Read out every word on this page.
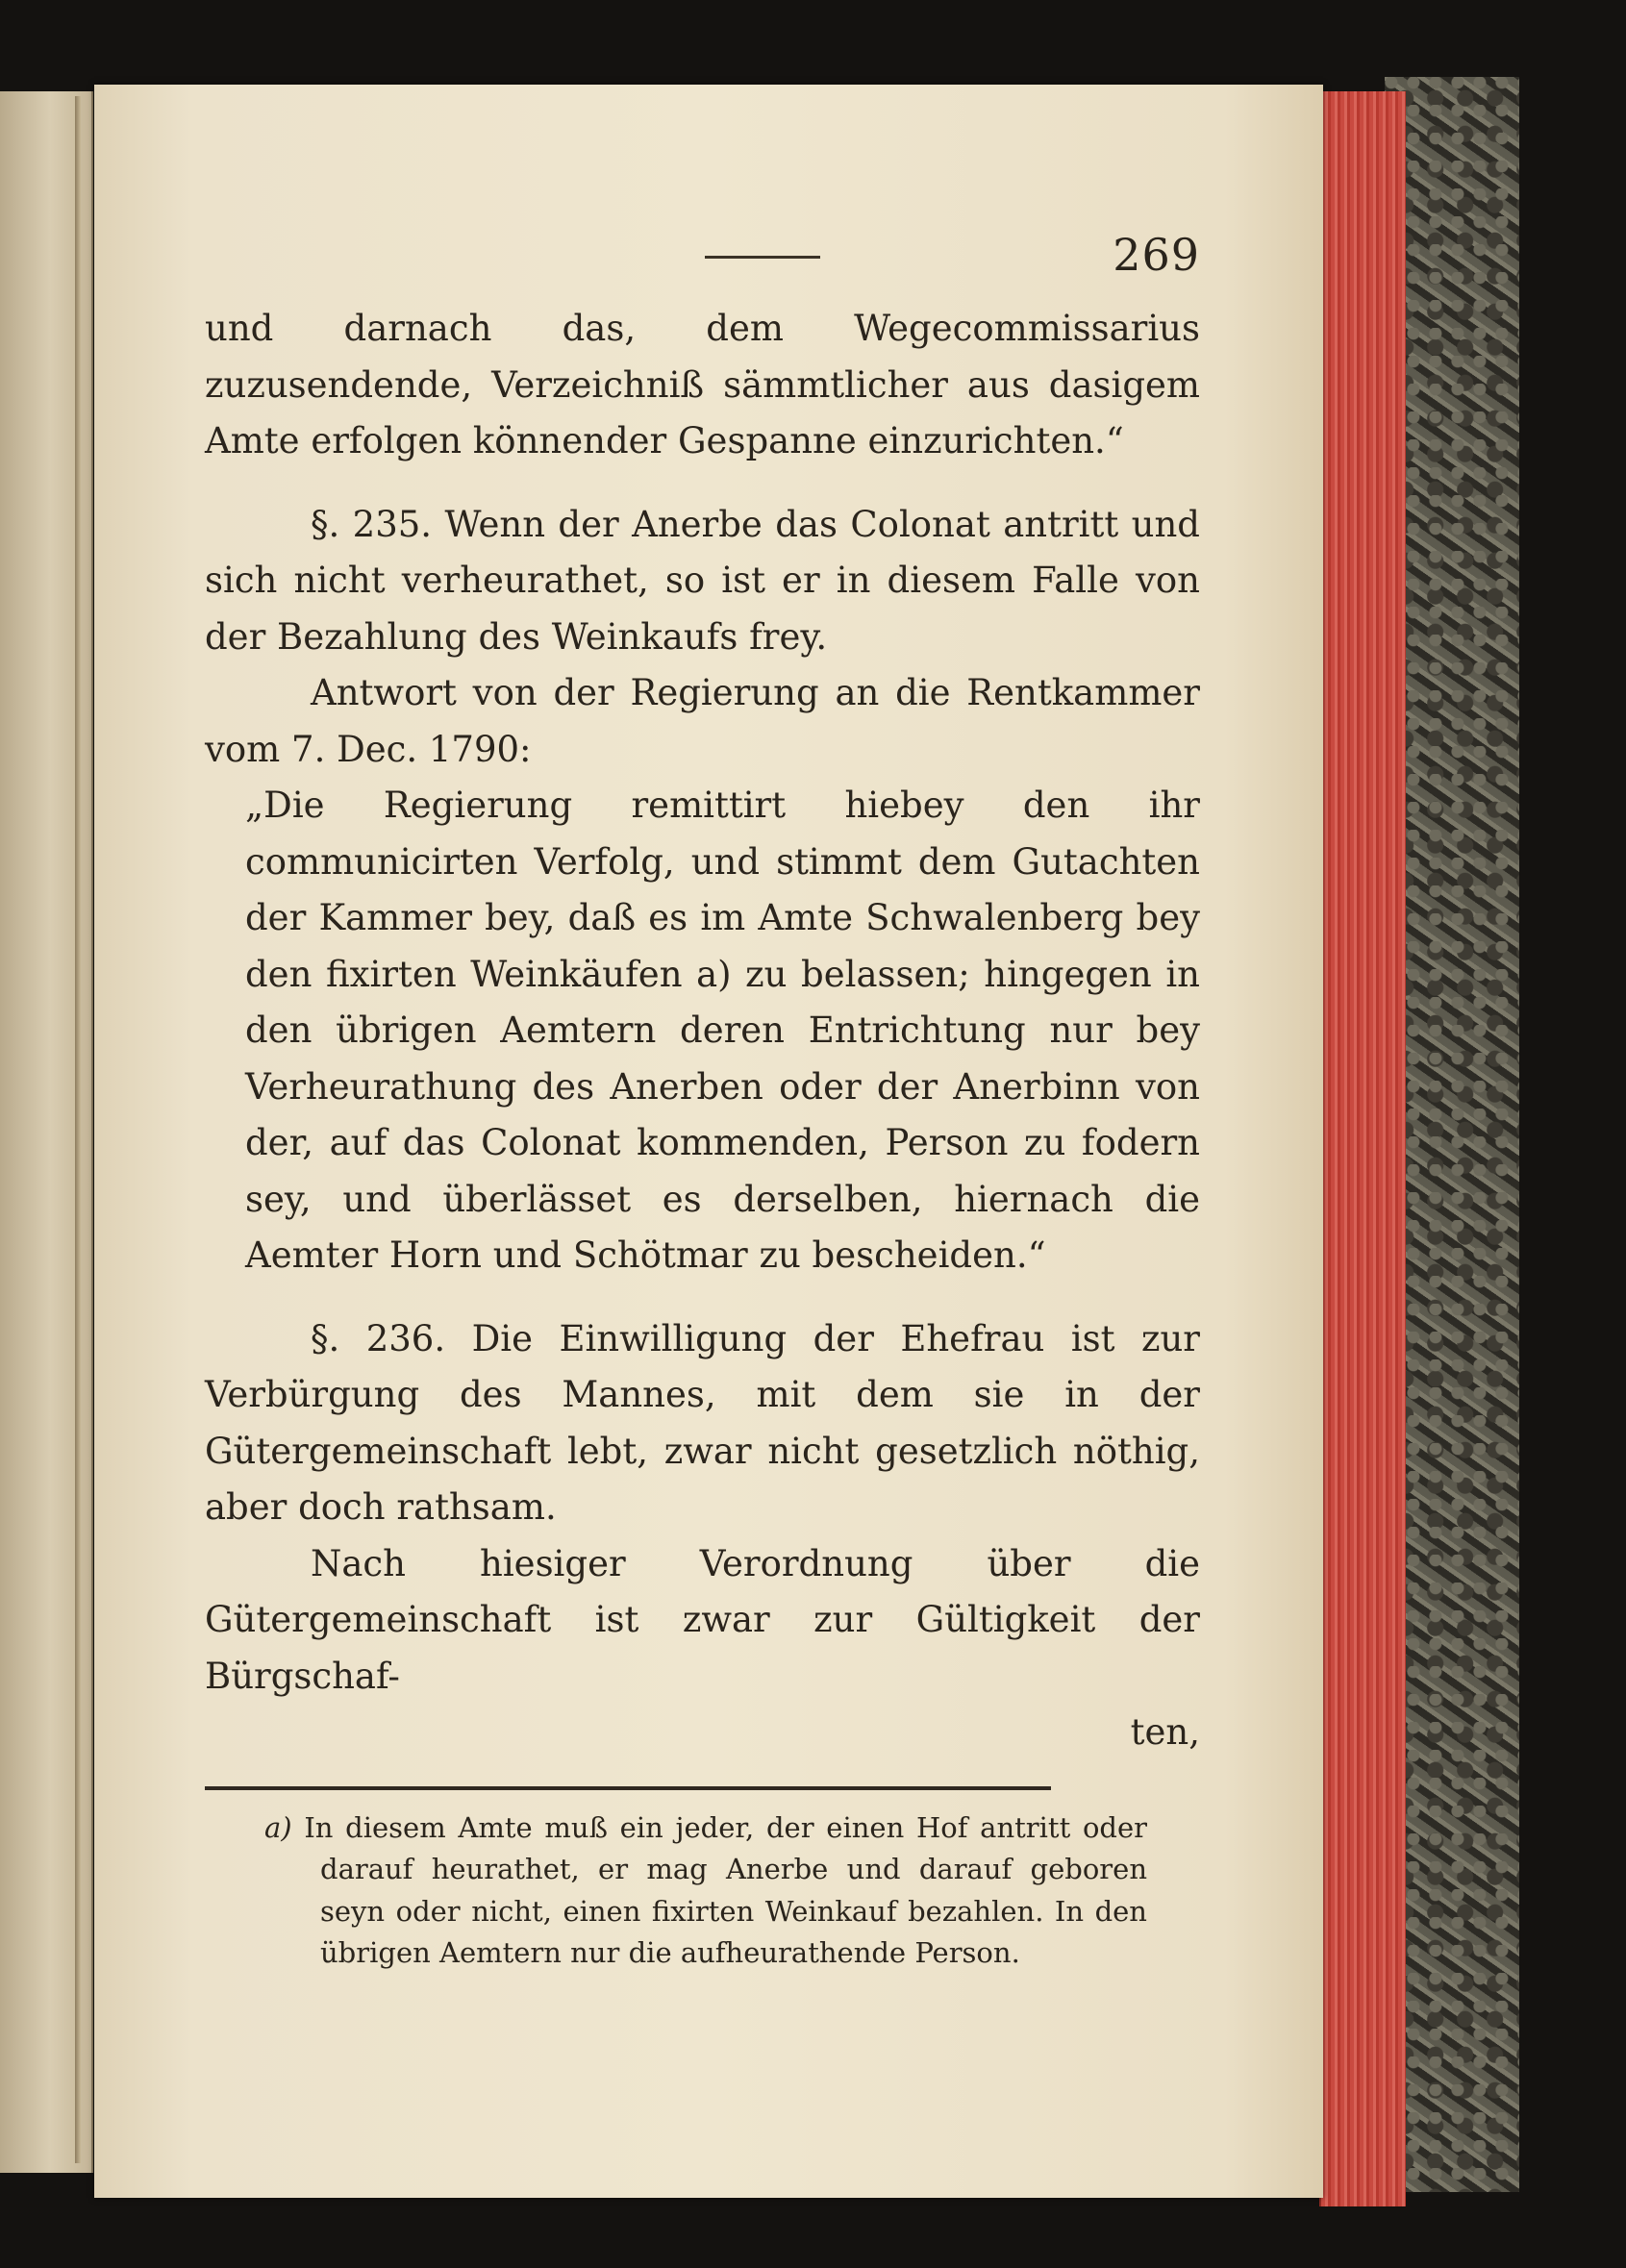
269

und darnach das, dem Wegecommissarius zuzusendende, Verzeichniß sämmtlicher aus dasigem Amte erfolgen könnender Gespanne einzurichten.“

§. 235. Wenn der Anerbe das Colonat antritt und sich nicht verheurathet, so ist er in diesem Falle von der Bezahlung des Weinkaufs frey.

Antwort von der Regierung an die Rentkammer vom 7. Dec. 1790:

„Die Regierung remittirt hiebey den ihr communicirten Verfolg, und stimmt dem Gutachten der Kammer bey, daß es im Amte Schwalenberg bey den fixirten Weinkäufen a) zu belassen; hingegen in den übrigen Aemtern deren Entrichtung nur bey Verheurathung des Anerben oder der Anerbinn von der, auf das Colonat kommenden, Person zu fodern sey, und überlässet es derselben, hiernach die Aemter Horn und Schötmar zu bescheiden.“

§. 236. Die Einwilligung der Ehefrau ist zur Verbürgung des Mannes, mit dem sie in der Gütergemeinschaft lebt, zwar nicht gesetzlich nöthig, aber doch rathsam.

Nach hiesiger Verordnung über die Gütergemeinschaft ist zwar zur Gültigkeit der Bürgschaf-

ten,

a) In diesem Amte muß ein jeder, der einen Hof antritt oder darauf heurathet, er mag Anerbe und darauf geboren seyn oder nicht, einen fixirten Weinkauf bezahlen. In den übrigen Aemtern nur die aufheurathende Person.
